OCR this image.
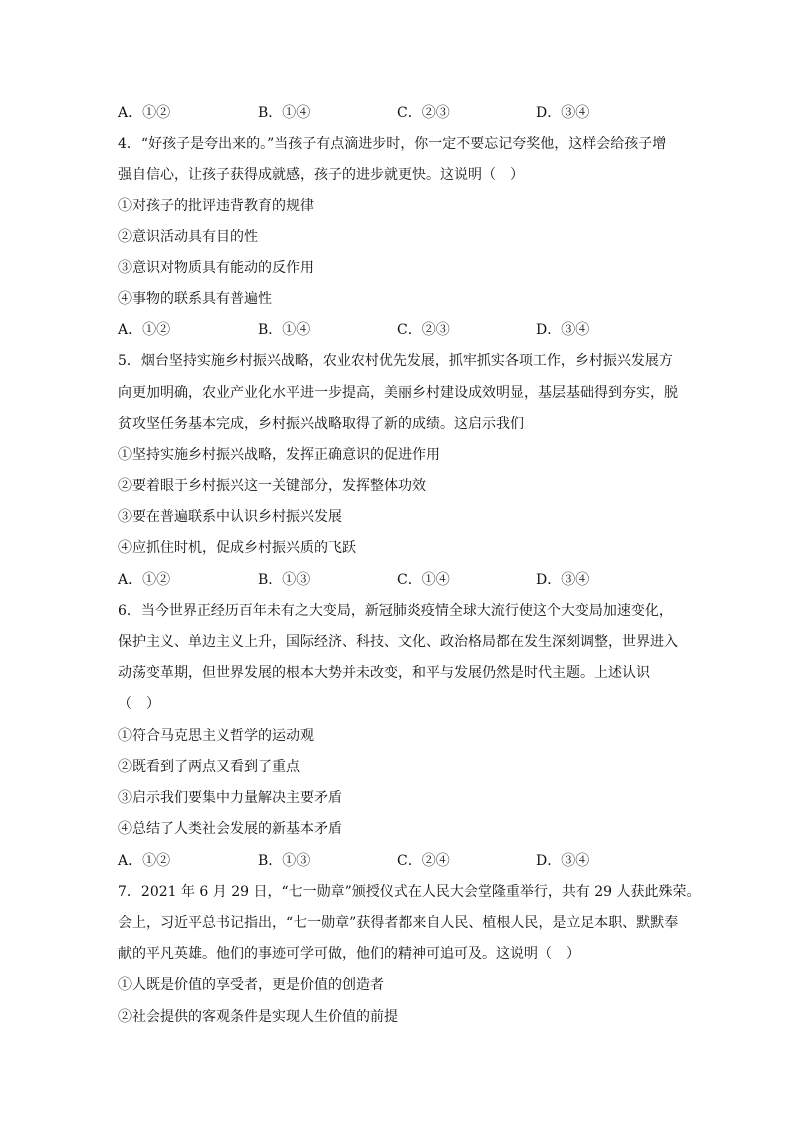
A．①②	B．①④	C．②③	D．③④
4．“好孩子是夸出来的。”当孩子有点滴进步时，你一定不要忘记夸奖他，这样会给孩子增
强自信心，让孩子获得成就感，孩子的进步就更快。这说明（　）
①对孩子的批评违背教育的规律
②意识活动具有目的性
③意识对物质具有能动的反作用
④事物的联系具有普遍性
A．①②	B．①④	C．②③	D．③④
5．烟台坚持实施乡村振兴战略，农业农村优先发展，抓牢抓实各项工作，乡村振兴发展方
向更加明确，农业产业化水平进一步提高，美丽乡村建设成效明显，基层基础得到夯实，脱
贫攻坚任务基本完成，乡村振兴战略取得了新的成绩。这启示我们
①坚持实施乡村振兴战略，发挥正确意识的促进作用
②要着眼于乡村振兴这一关键部分，发挥整体功效
③要在普遍联系中认识乡村振兴发展
④应抓住时机，促成乡村振兴质的飞跃
A．①②	B．①③	C．①④	D．③④
6．当今世界正经历百年未有之大变局，新冠肺炎疫情全球大流行使这个大变局加速变化，
保护主义、单边主义上升，国际经济、科技、文化、政治格局都在发生深刻调整，世界进入
动荡变革期，但世界发展的根本大势并未改变，和平与发展仍然是时代主题。上述认识
（　）
①符合马克思主义哲学的运动观
②既看到了两点又看到了重点
③启示我们要集中力量解决主要矛盾
④总结了人类社会发展的新基本矛盾
A．①②	B．①③	C．②④	D．③④
7．2021 年 6 月 29 日，“七一勋章”颁授仪式在人民大会堂隆重举行，共有 29 人获此殊荣。
会上，习近平总书记指出，“七一勋章”获得者都来自人民、植根人民，是立足本职、默默奉
献的平凡英雄。他们的事迹可学可做，他们的精神可追可及。这说明（　）
①人既是价值的享受者，更是价值的创造者
②社会提供的客观条件是实现人生价值的前提
